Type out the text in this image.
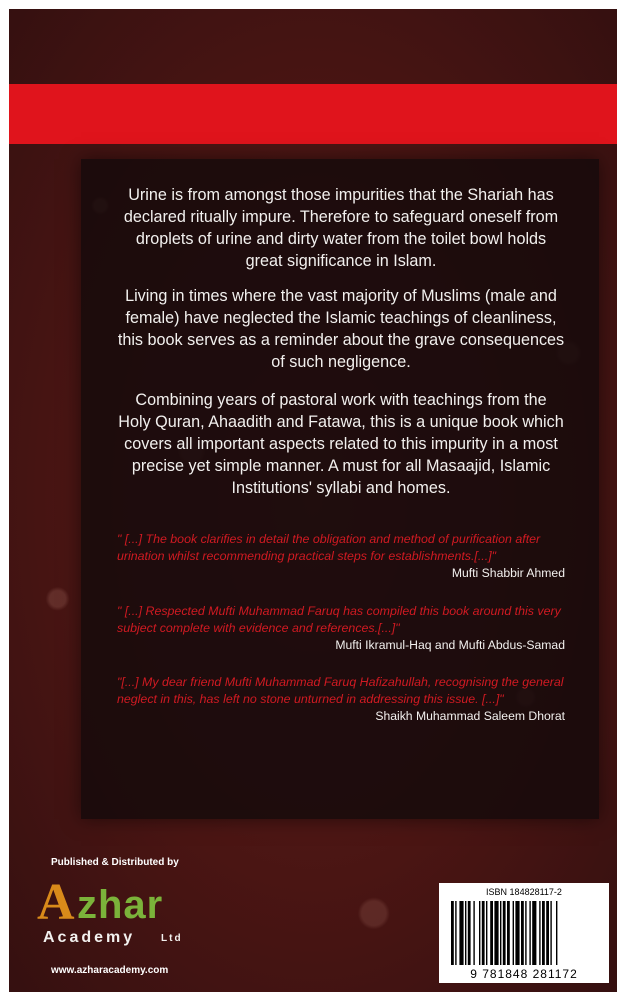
Urine is from amongst those impurities that the Shariah has declared ritually impure. Therefore to safeguard oneself from droplets of urine and dirty water from the toilet bowl holds great significance in Islam.

Living in times where the vast majority of Muslims (male and female) have neglected the Islamic teachings of cleanliness, this book serves as a reminder about the grave consequences of such negligence.

Combining years of pastoral work with teachings from the Holy Quran, Ahaadith and Fatawa, this is a unique book which covers all important aspects related to this impurity in a most precise yet simple manner. A must for all Masaajid, Islamic Institutions' syllabi and homes.

" [...] The book clarifies in detail the obligation and method of purification after urination whilst recommending practical steps for establishments.[...]"

Mufti Shabbir Ahmed

" [...] Respected Mufti Muhammad Faruq has compiled this book around this very subject complete with evidence and references.[...]"

Mufti Ikramul-Haq and Mufti Abdus-Samad

"[...] My dear friend Mufti Muhammad Faruq Hafizahullah, recognising the general neglect in this, has left no stone unturned in addressing this issue. [...]"

Shaikh Muhammad Saleem Dhorat

Published & Distributed by
A zhar
Academy	Ltd
www.azharacademy.com
ISBN 184828117-2
9 781848 281172
